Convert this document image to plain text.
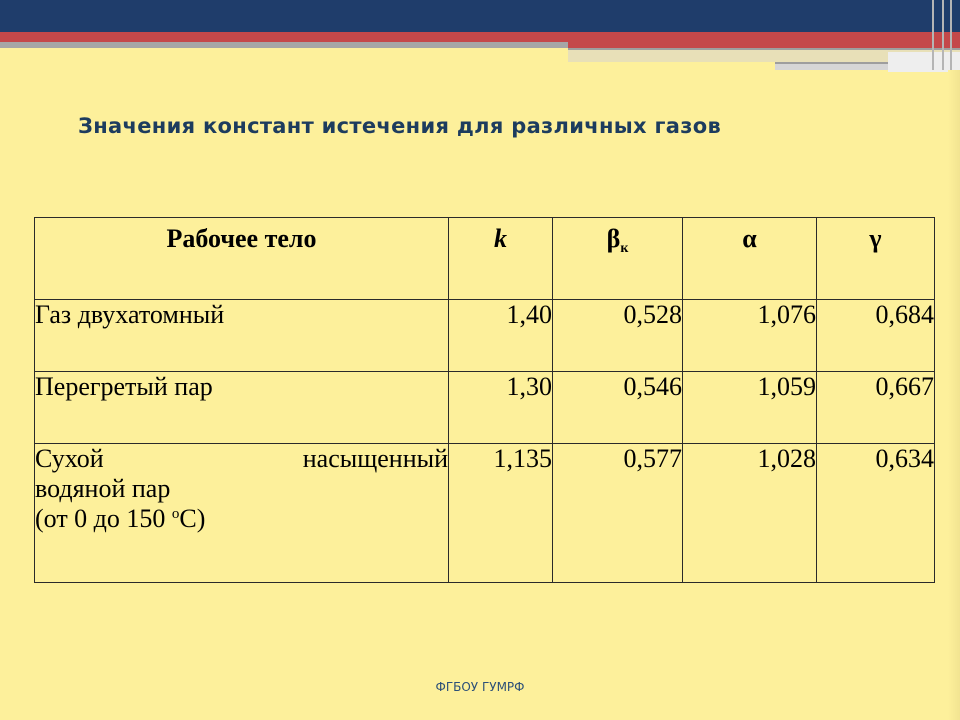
Значения констант истечения для различных газов
Рабочее тело	k	$\beta_к$	α	γ
Газ двухатомный	1,40	0,528	1,076	0,684
Перегретый пар	1,30	0,546	1,059	0,667

Сухой насыщенный
водяной пар
(от 0 до 150 $^о$С)	1,135	0,577	1,028	0,634
ФГБОУ ГУМРФ
